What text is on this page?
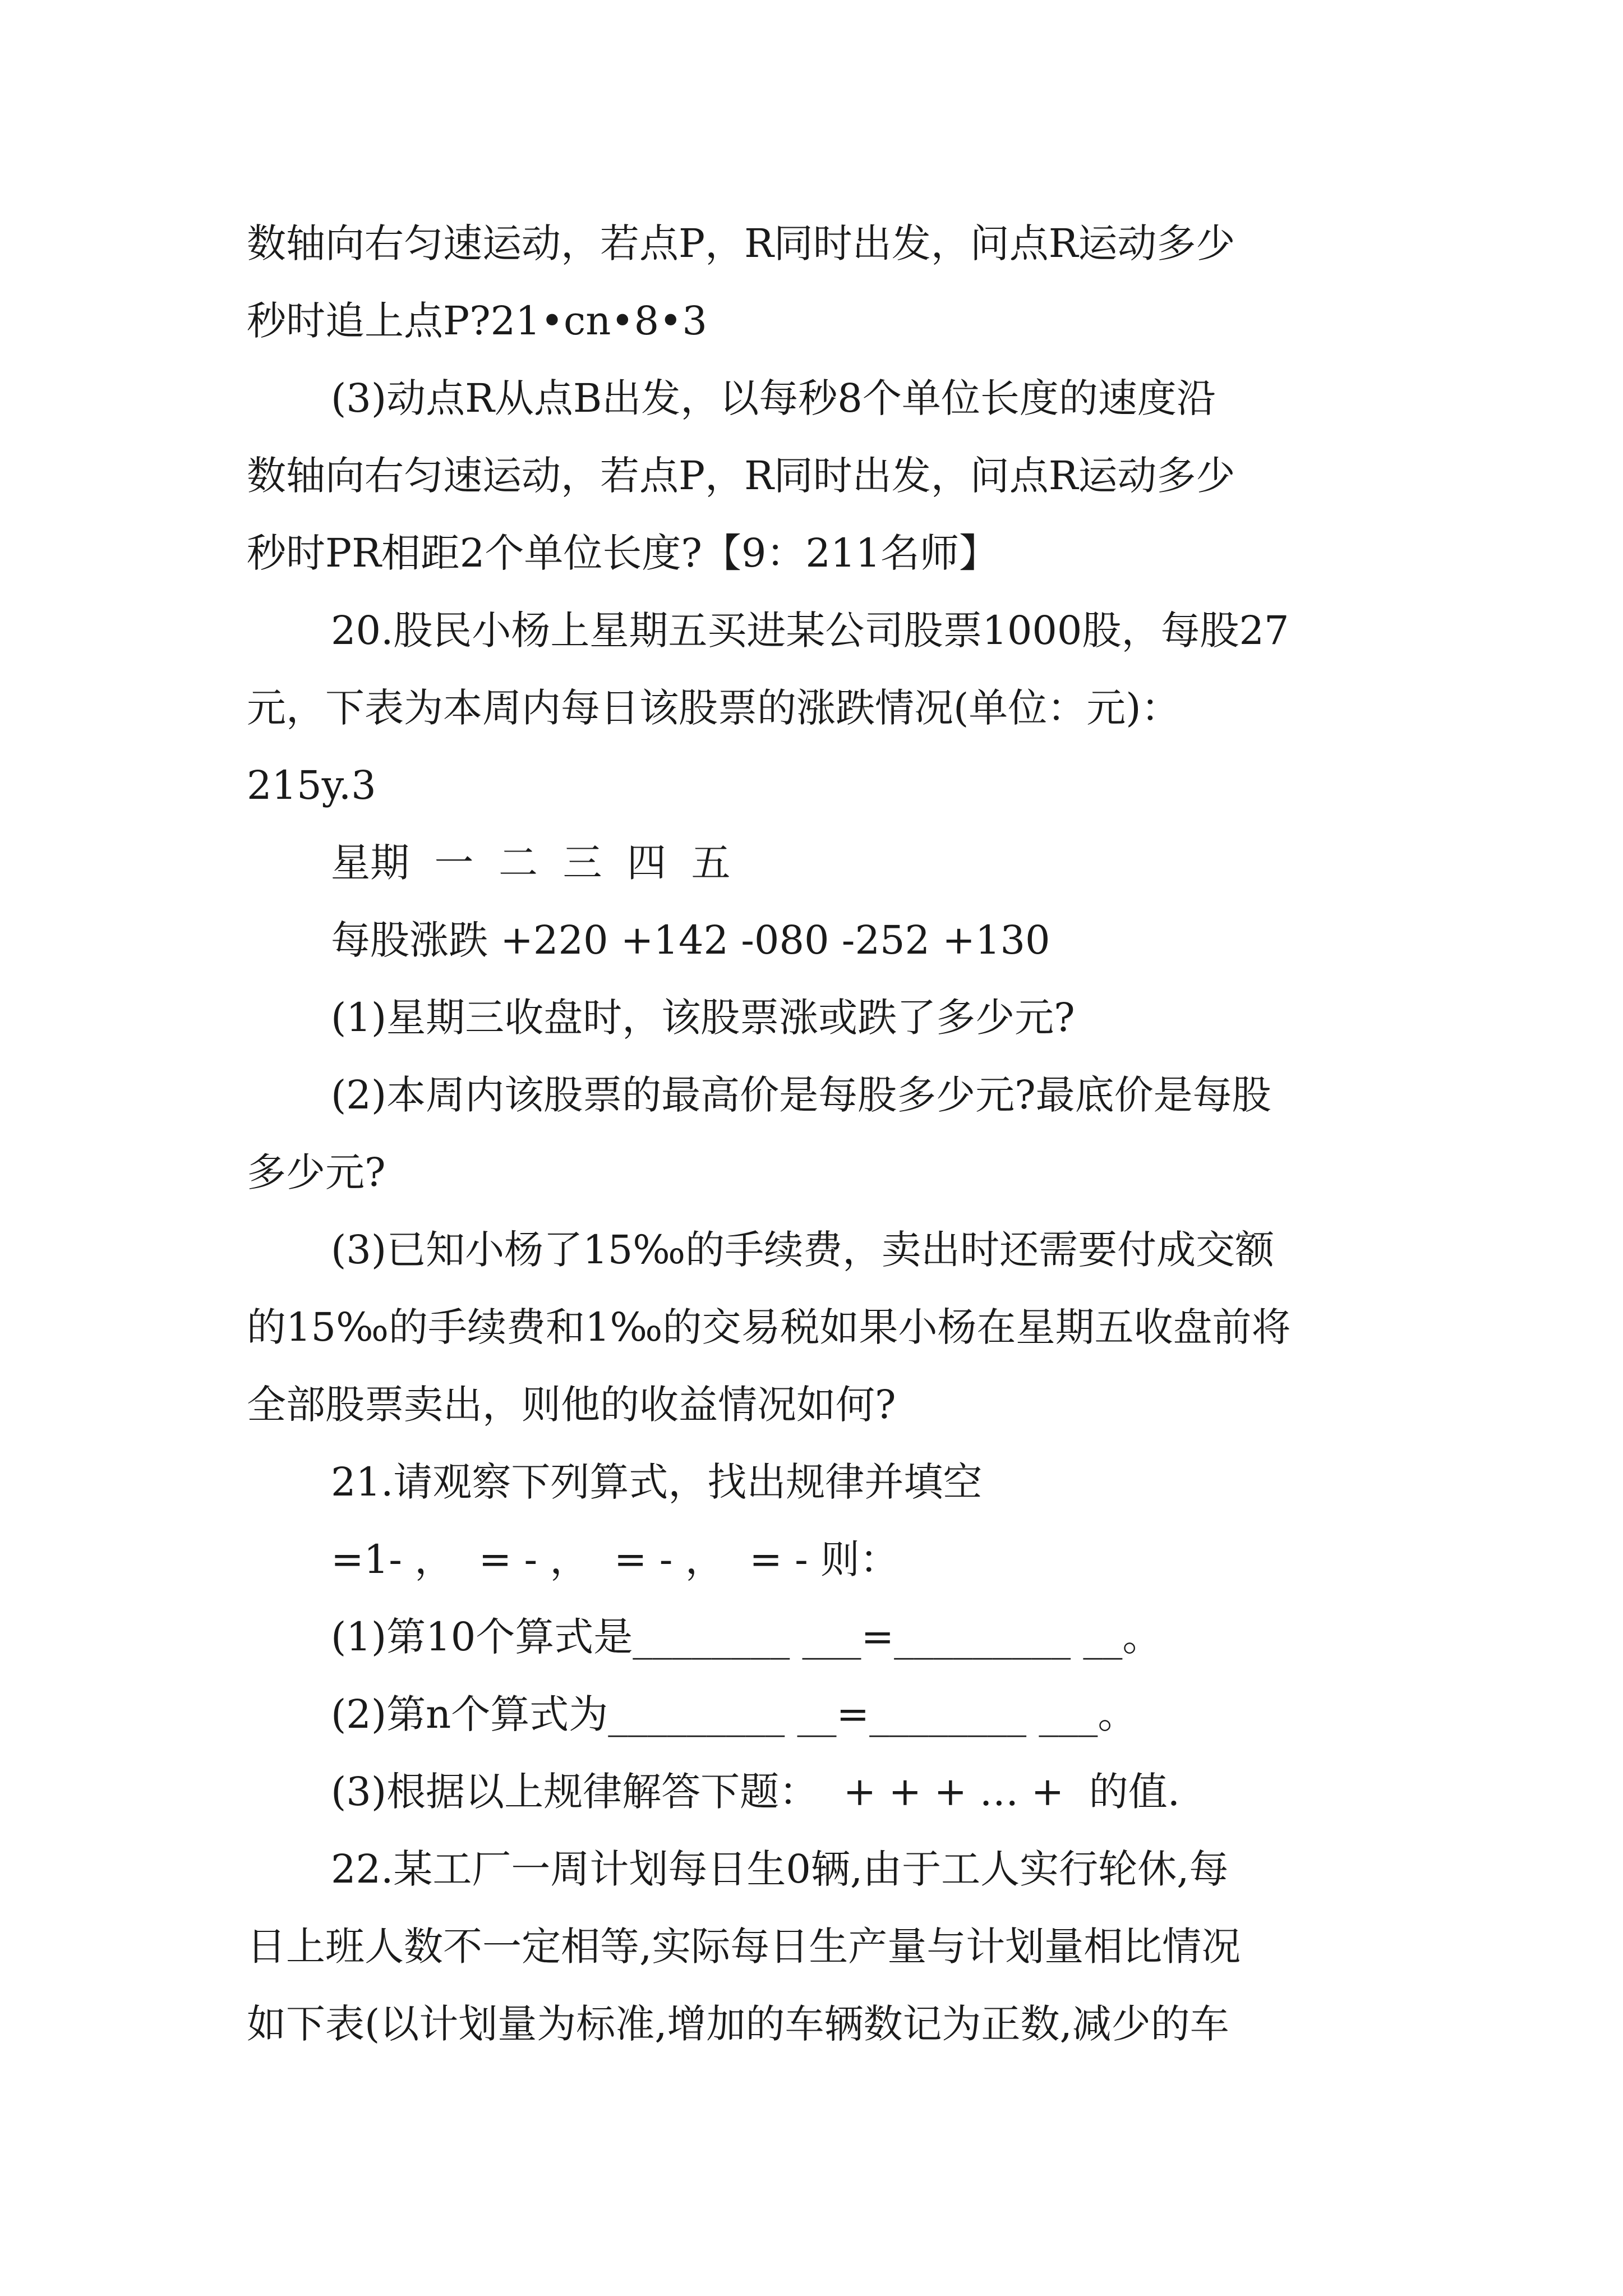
数轴向右匀速运动，若点P，R同时出发，问点R运动多少

秒时追上点P?21•cn•8•3

(3)动点R从点B出发，以每秒8个单位长度的速度沿

数轴向右匀速运动，若点P，R同时出发，问点R运动多少

秒时PR相距2个单位长度?【9：211名师】

20.股民小杨上星期五买进某公司股票1000股，每股27

元，下表为本周内每日该股票的涨跌情况(单位：元)：

215y.3

星期  一  二  三  四  五

每股涨跌 +220 +142 -080 -252 +130

(1)星期三收盘时，该股票涨或跌了多少元?

(2)本周内该股票的最高价是每股多少元?最底价是每股

多少元?

(3)已知小杨了15‰的手续费，卖出时还需要付成交额

的15‰的手续费和1‰的交易税如果小杨在星期五收盘前将

全部股票卖出，则他的收益情况如何?

21.请观察下列算式，找出规律并填空

=1- ，  = - ，  = - ，  = - 则：

(1)第10个算式是________ ___=_________ __。

(2)第n个算式为_________ __=________ ___。

(3)根据以上规律解答下题：  + + + … +  的值.

22.某工厂一周计划每日生0辆,由于工人实行轮休,每

日上班人数不一定相等,实际每日生产量与计划量相比情况

如下表(以计划量为标准,增加的车辆数记为正数,减少的车
